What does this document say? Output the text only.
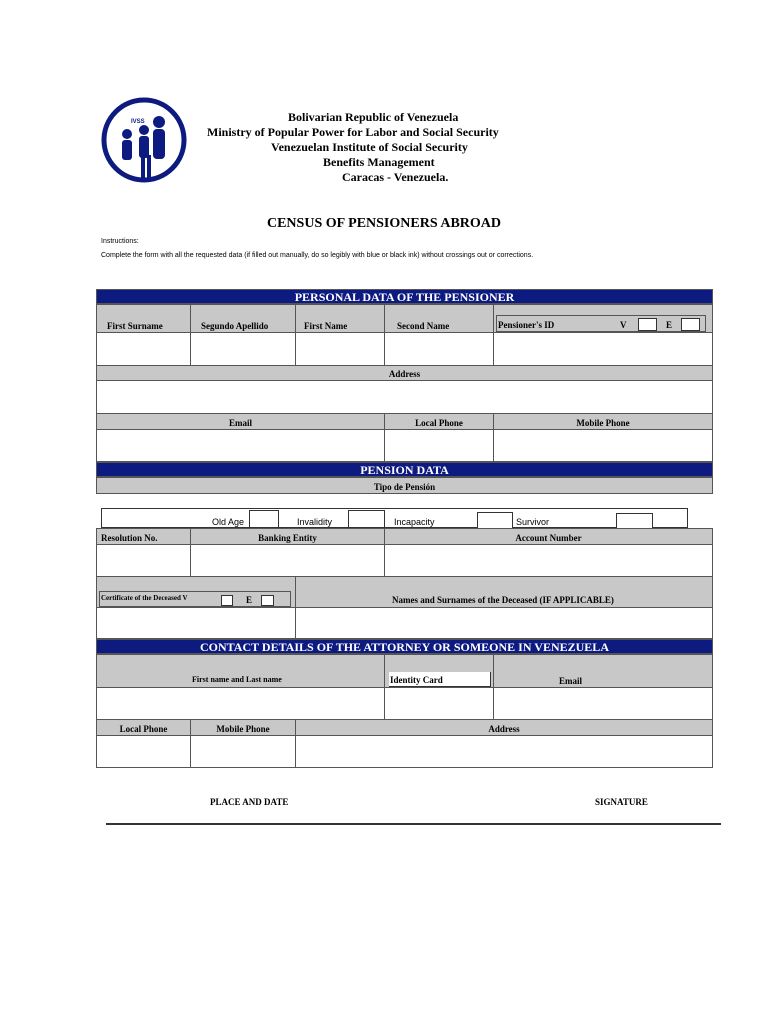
IVSS	Bolivarian Republic of Venezuela
Ministry of Popular Power for Labor and Social Security
Venezuelan Institute of Social Security
Benefits Management
Caracas - Venezuela.
CENSUS OF PENSIONERS ABROAD
Instructions:
Complete the form with all the requested data (if filled out manually, do so legibly with blue or black ink) without crossings out or corrections.
PERSONAL DATA OF THE PENSIONER
First Surname	Segundo Apellido	First Name	Second Name	Pensioner's ID	V	E
Address
Email	Local Phone	Mobile Phone
PENSION DATA
Tipo de Pensión
Old Age	Invalidity	Incapacity	Survivor
Resolution No.	Banking Entity	Account Number
Certificate of the Deceased V	E	Names and Surnames of the Deceased (IF APPLICABLE)
CONTACT DETAILS OF THE ATTORNEY OR SOMEONE IN VENEZUELA
First name and Last name	Identity Card	Email
Local Phone	Mobile Phone	Address
PLACE AND DATE	SIGNATURE
